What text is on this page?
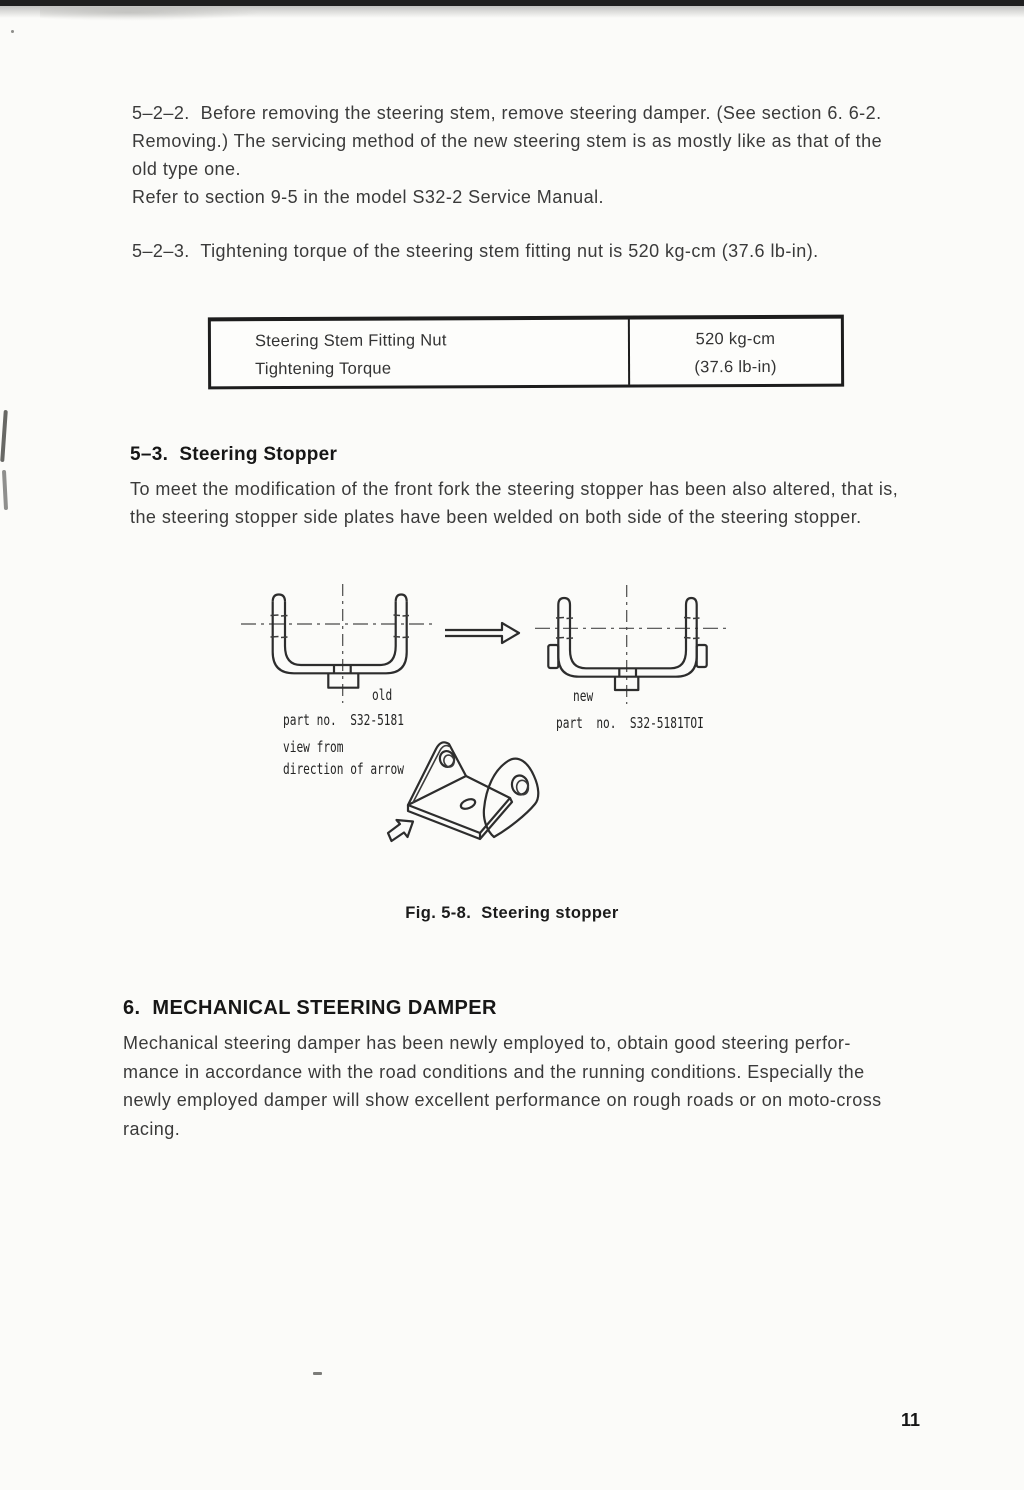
5–2–2.  Before removing the steering stem, remove steering damper. (See section 6. 6-2.
Removing.) The servicing method of the new steering stem is as mostly like as that of the
old type one.
Refer to section 9-5 in the model S32-2 Service Manual.
5–2–3.  Tightening torque of the steering stem fitting nut is 520 kg-cm (37.6 lb-in).
Steering Stem Fitting Nut
Tightening Torque
520 kg-cm
(37.6 lb-in)
5–3.  Steering Stopper
To meet the modification of the front fork the steering stopper has been also altered, that is,
the steering stopper side plates have been welded on both side of the steering stopper.
old
part no.  S32-5181
view from
direction of arrow
new
part  no.  S32-5181TOI
Fig. 5-8.  Steering stopper
6.  MECHANICAL STEERING DAMPER
Mechanical steering damper has been newly employed to, obtain good steering perfor-
mance in accordance with the road conditions and the running conditions. Especially the
newly employed damper will show excellent performance on rough roads or on moto-cross
racing.
11
